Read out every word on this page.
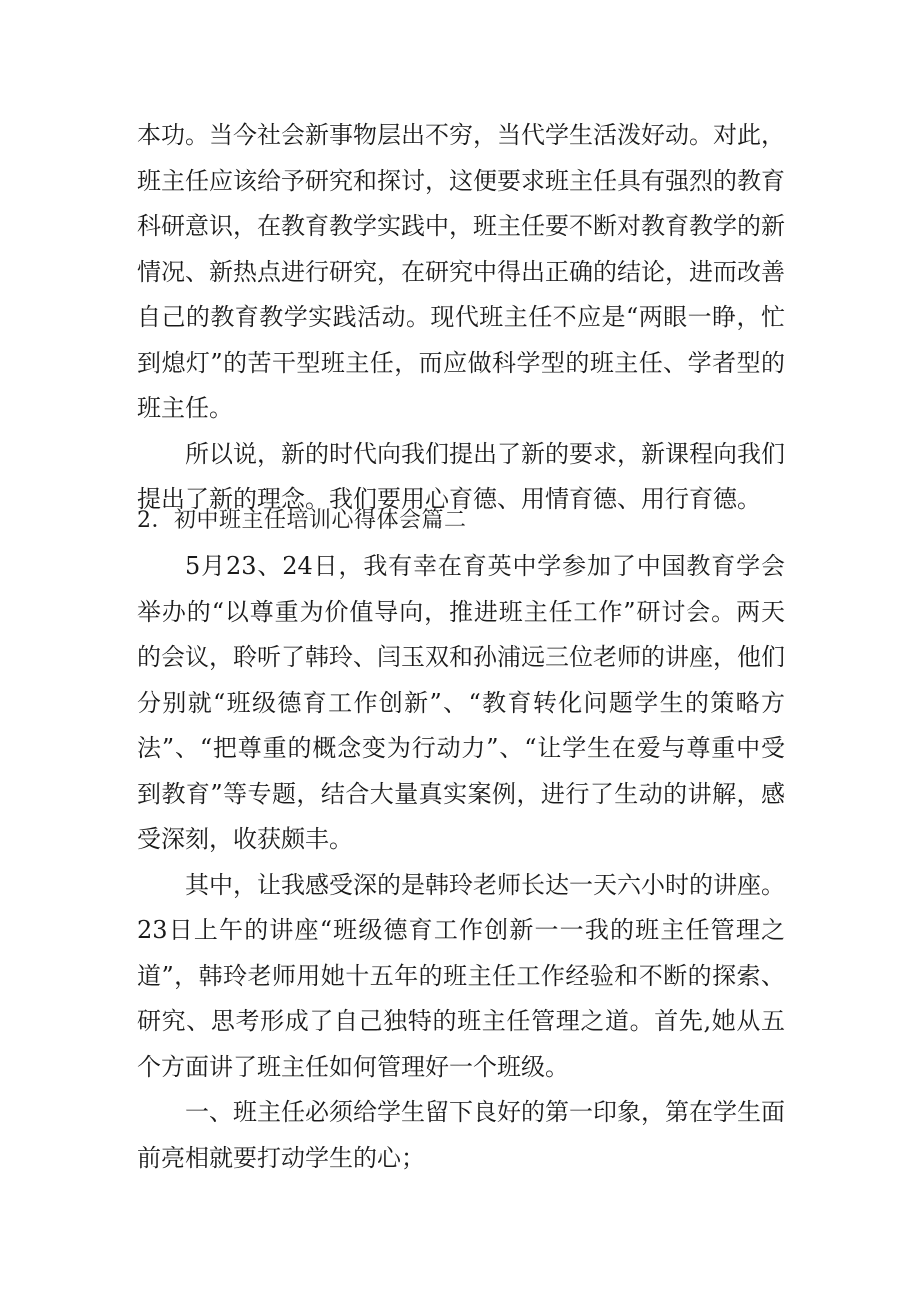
本功。当今社会新事物层出不穷，当代学生活泼好动。对此，班主任应该给予研究和探讨，这便要求班主任具有强烈的教育科研意识，在教育教学实践中，班主任要不断对教育教学的新情况、新热点进行研究，在研究中得出正确的结论，进而改善自己的教育教学实践活动。现代班主任不应是“两眼一睁，忙到熄灯”的苦干型班主任，而应做科学型的班主任、学者型的班主任。

所以说，新的时代向我们提出了新的要求，新课程向我们提出了新的理念。我们要用心育德、用情育德、用行育德。

2．初中班主任培训心得体会篇二

5月23、24日，我有幸在育英中学参加了中国教育学会举办的“以尊重为价值导向，推进班主任工作”研讨会。两天的会议，聆听了韩玲、闫玉双和孙浦远三位老师的讲座，他们分别就“班级德育工作创新”、“教育转化问题学生的策略方法”、“把尊重的概念变为行动力”、“让学生在爱与尊重中受到教育”等专题，结合大量真实案例，进行了生动的讲解，感受深刻，收获颇丰。

其中，让我感受深的是韩玲老师长达一天六小时的讲座。23日上午的讲座“班级德育工作创新一一我的班主任管理之道”，韩玲老师用她十五年的班主任工作经验和不断的探索、研究、思考形成了自己独特的班主任管理之道。首先,她从五个方面讲了班主任如何管理好一个班级。

一、班主任必须给学生留下良好的第一印象，第在学生面前亮相就要打动学生的心；
